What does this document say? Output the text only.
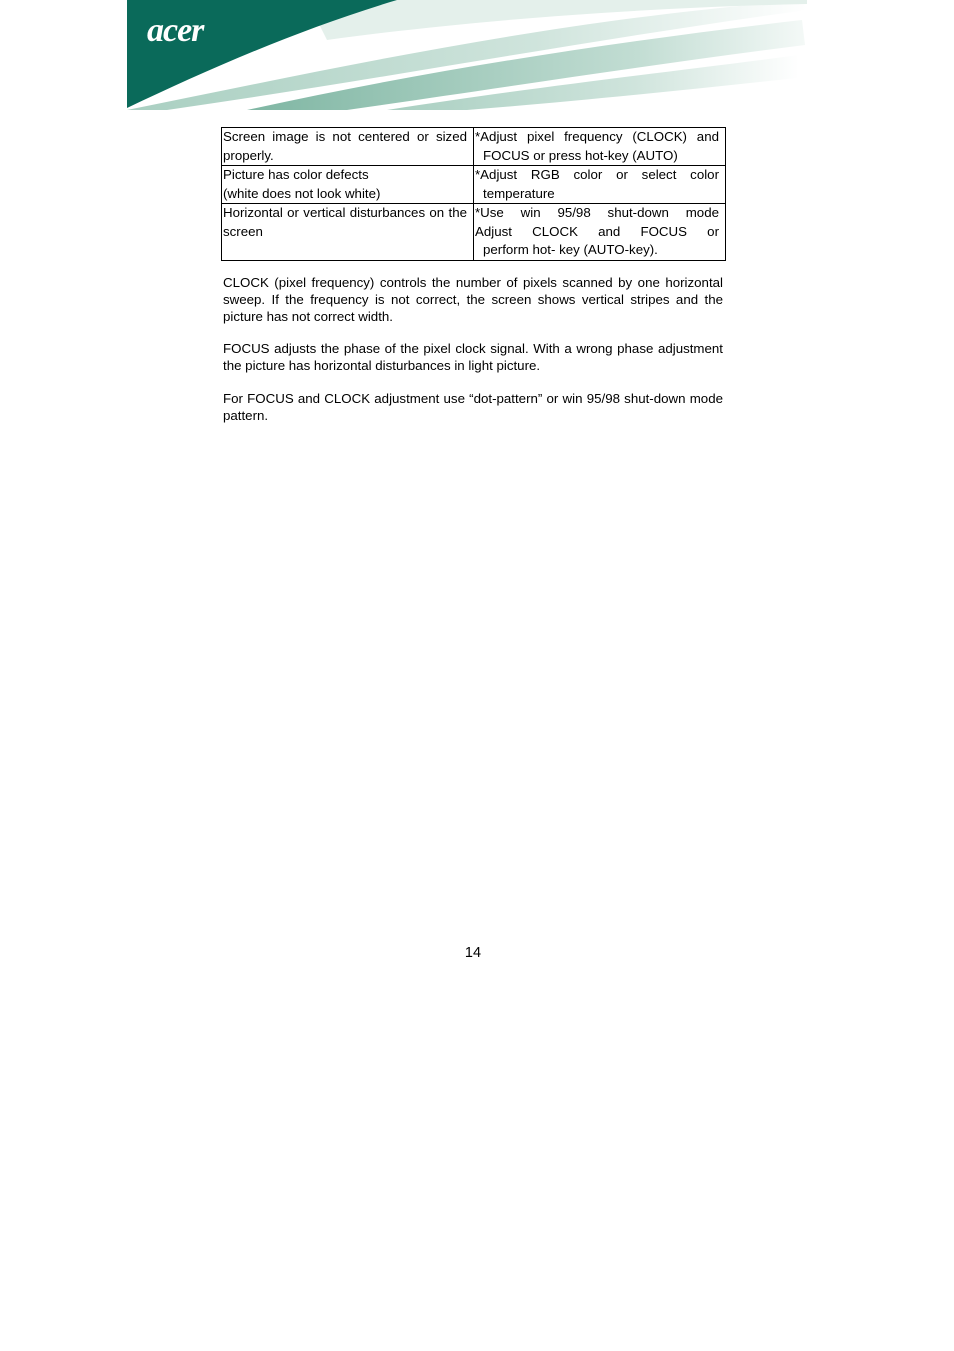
acer
Screen image is not centered or sized properly.	*Adjust pixel frequency (CLOCK) and
FOCUS or press hot-key (AUTO)

Picture has color defects
(white does not look white)	*Adjust RGB color or select color
temperature

Horizontal or vertical disturbances on the screen	*Use win 95/98 shut-down mode
Adjust CLOCK and FOCUS or
perform hot- key (AUTO-key).

CLOCK (pixel frequency) controls the number of pixels scanned by one horizontal sweep. If the frequency is not correct, the screen shows vertical stripes and the picture has not correct width.

FOCUS adjusts the phase of the pixel clock signal. With a wrong phase adjustment the picture has horizontal disturbances in light picture.

For FOCUS and CLOCK adjustment use “dot-pattern” or win 95/98 shut-down mode pattern.

14
